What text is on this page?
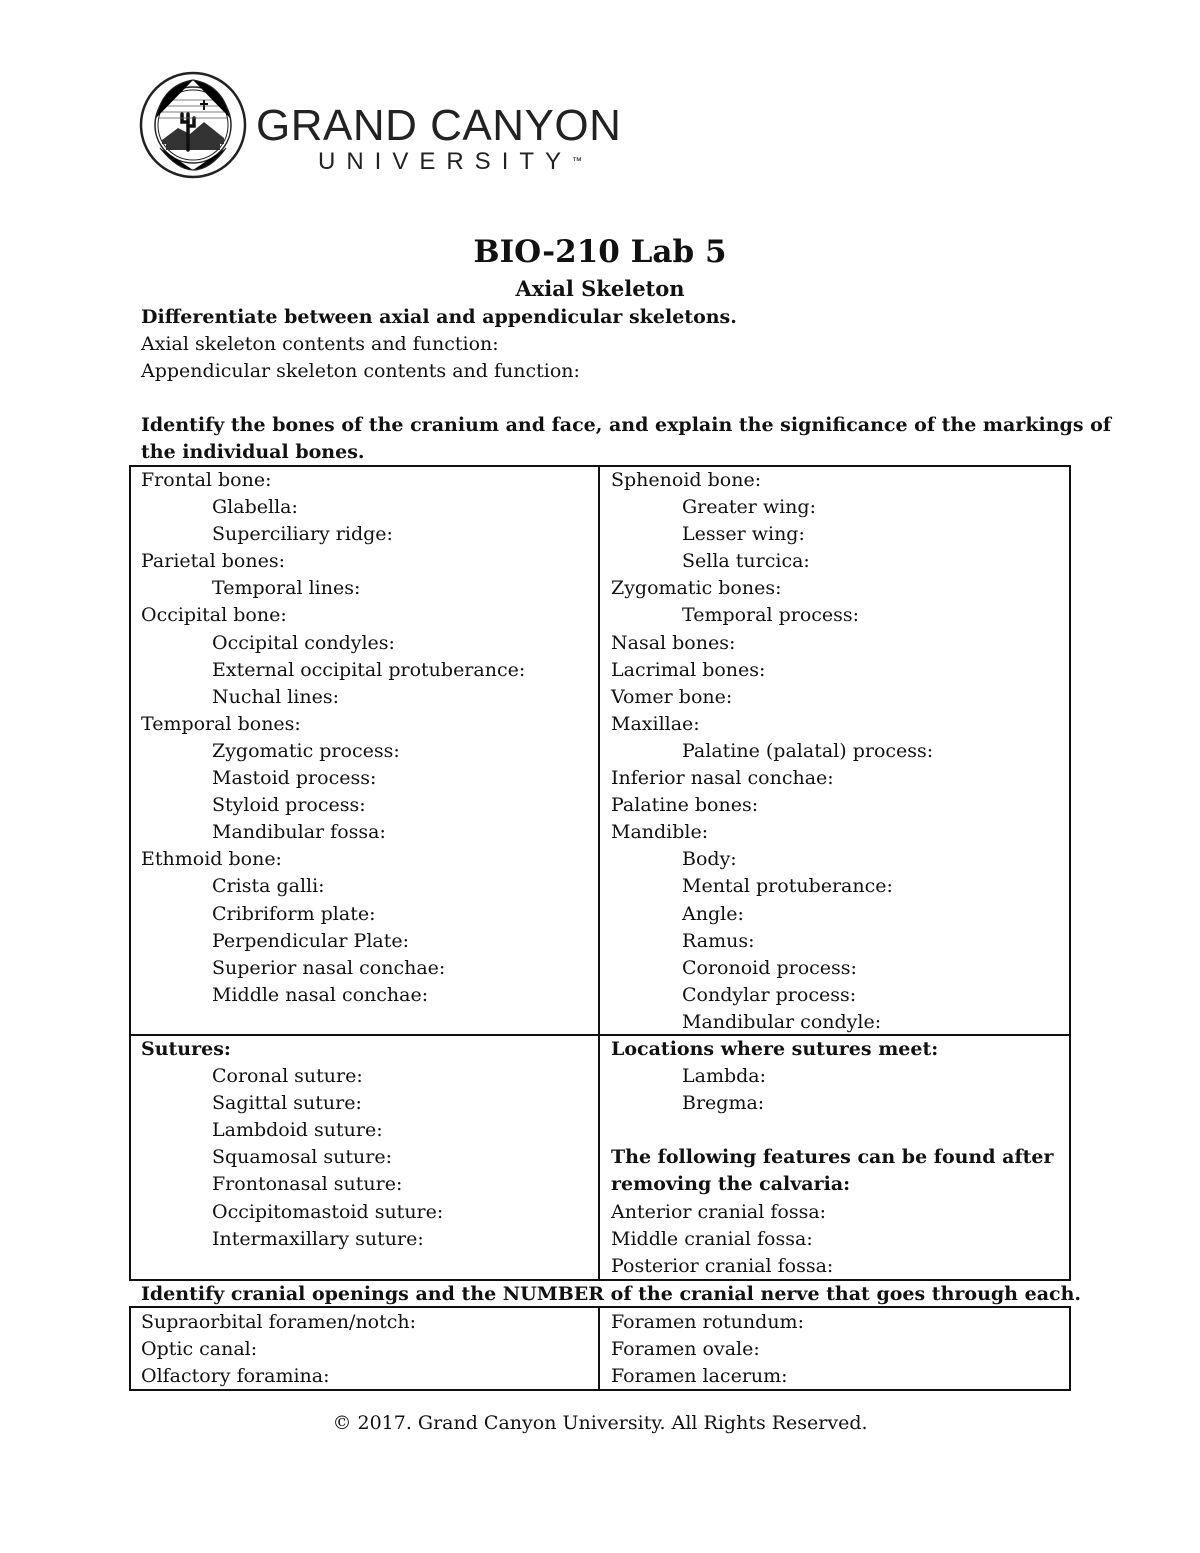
GRAND CANYON
UNIVERSITY™
BIO-210 Lab 5
Axial Skeleton
Differentiate between axial and appendicular skeletons.
Axial skeleton contents and function:
Appendicular skeleton contents and function:
Identify the bones of the cranium and face, and explain the significance of the markings of
the individual bones.
Frontal bone:
Glabella:
Superciliary ridge:
Parietal bones:
Temporal lines:
Occipital bone:
Occipital condyles:
External occipital protuberance:
Nuchal lines:
Temporal bones:
Zygomatic process:
Mastoid process:
Styloid process:
Mandibular fossa:
Ethmoid bone:
Crista galli:
Cribriform plate:
Perpendicular Plate:
Superior nasal conchae:
Middle nasal conchae:
Sphenoid bone:
Greater wing:
Lesser wing:
Sella turcica:
Zygomatic bones:
Temporal process:
Nasal bones:
Lacrimal bones:
Vomer bone:
Maxillae:
Palatine (palatal) process:
Inferior nasal conchae:
Palatine bones:
Mandible:
Body:
Mental protuberance:
Angle:
Ramus:
Coronoid process:
Condylar process:
Mandibular condyle:
Sutures:
Coronal suture:
Sagittal suture:
Lambdoid suture:
Squamosal suture:
Frontonasal suture:
Occipitomastoid suture:
Intermaxillary suture:
Locations where sutures meet:
Lambda:
Bregma:
The following features can be found after
removing the calvaria:
Anterior cranial fossa:
Middle cranial fossa:
Posterior cranial fossa:
Identify cranial openings and the NUMBER of the cranial nerve that goes through each.
Supraorbital foramen/notch:
Optic canal:
Olfactory foramina:
Foramen rotundum:
Foramen ovale:
Foramen lacerum:
© 2017. Grand Canyon University. All Rights Reserved.
